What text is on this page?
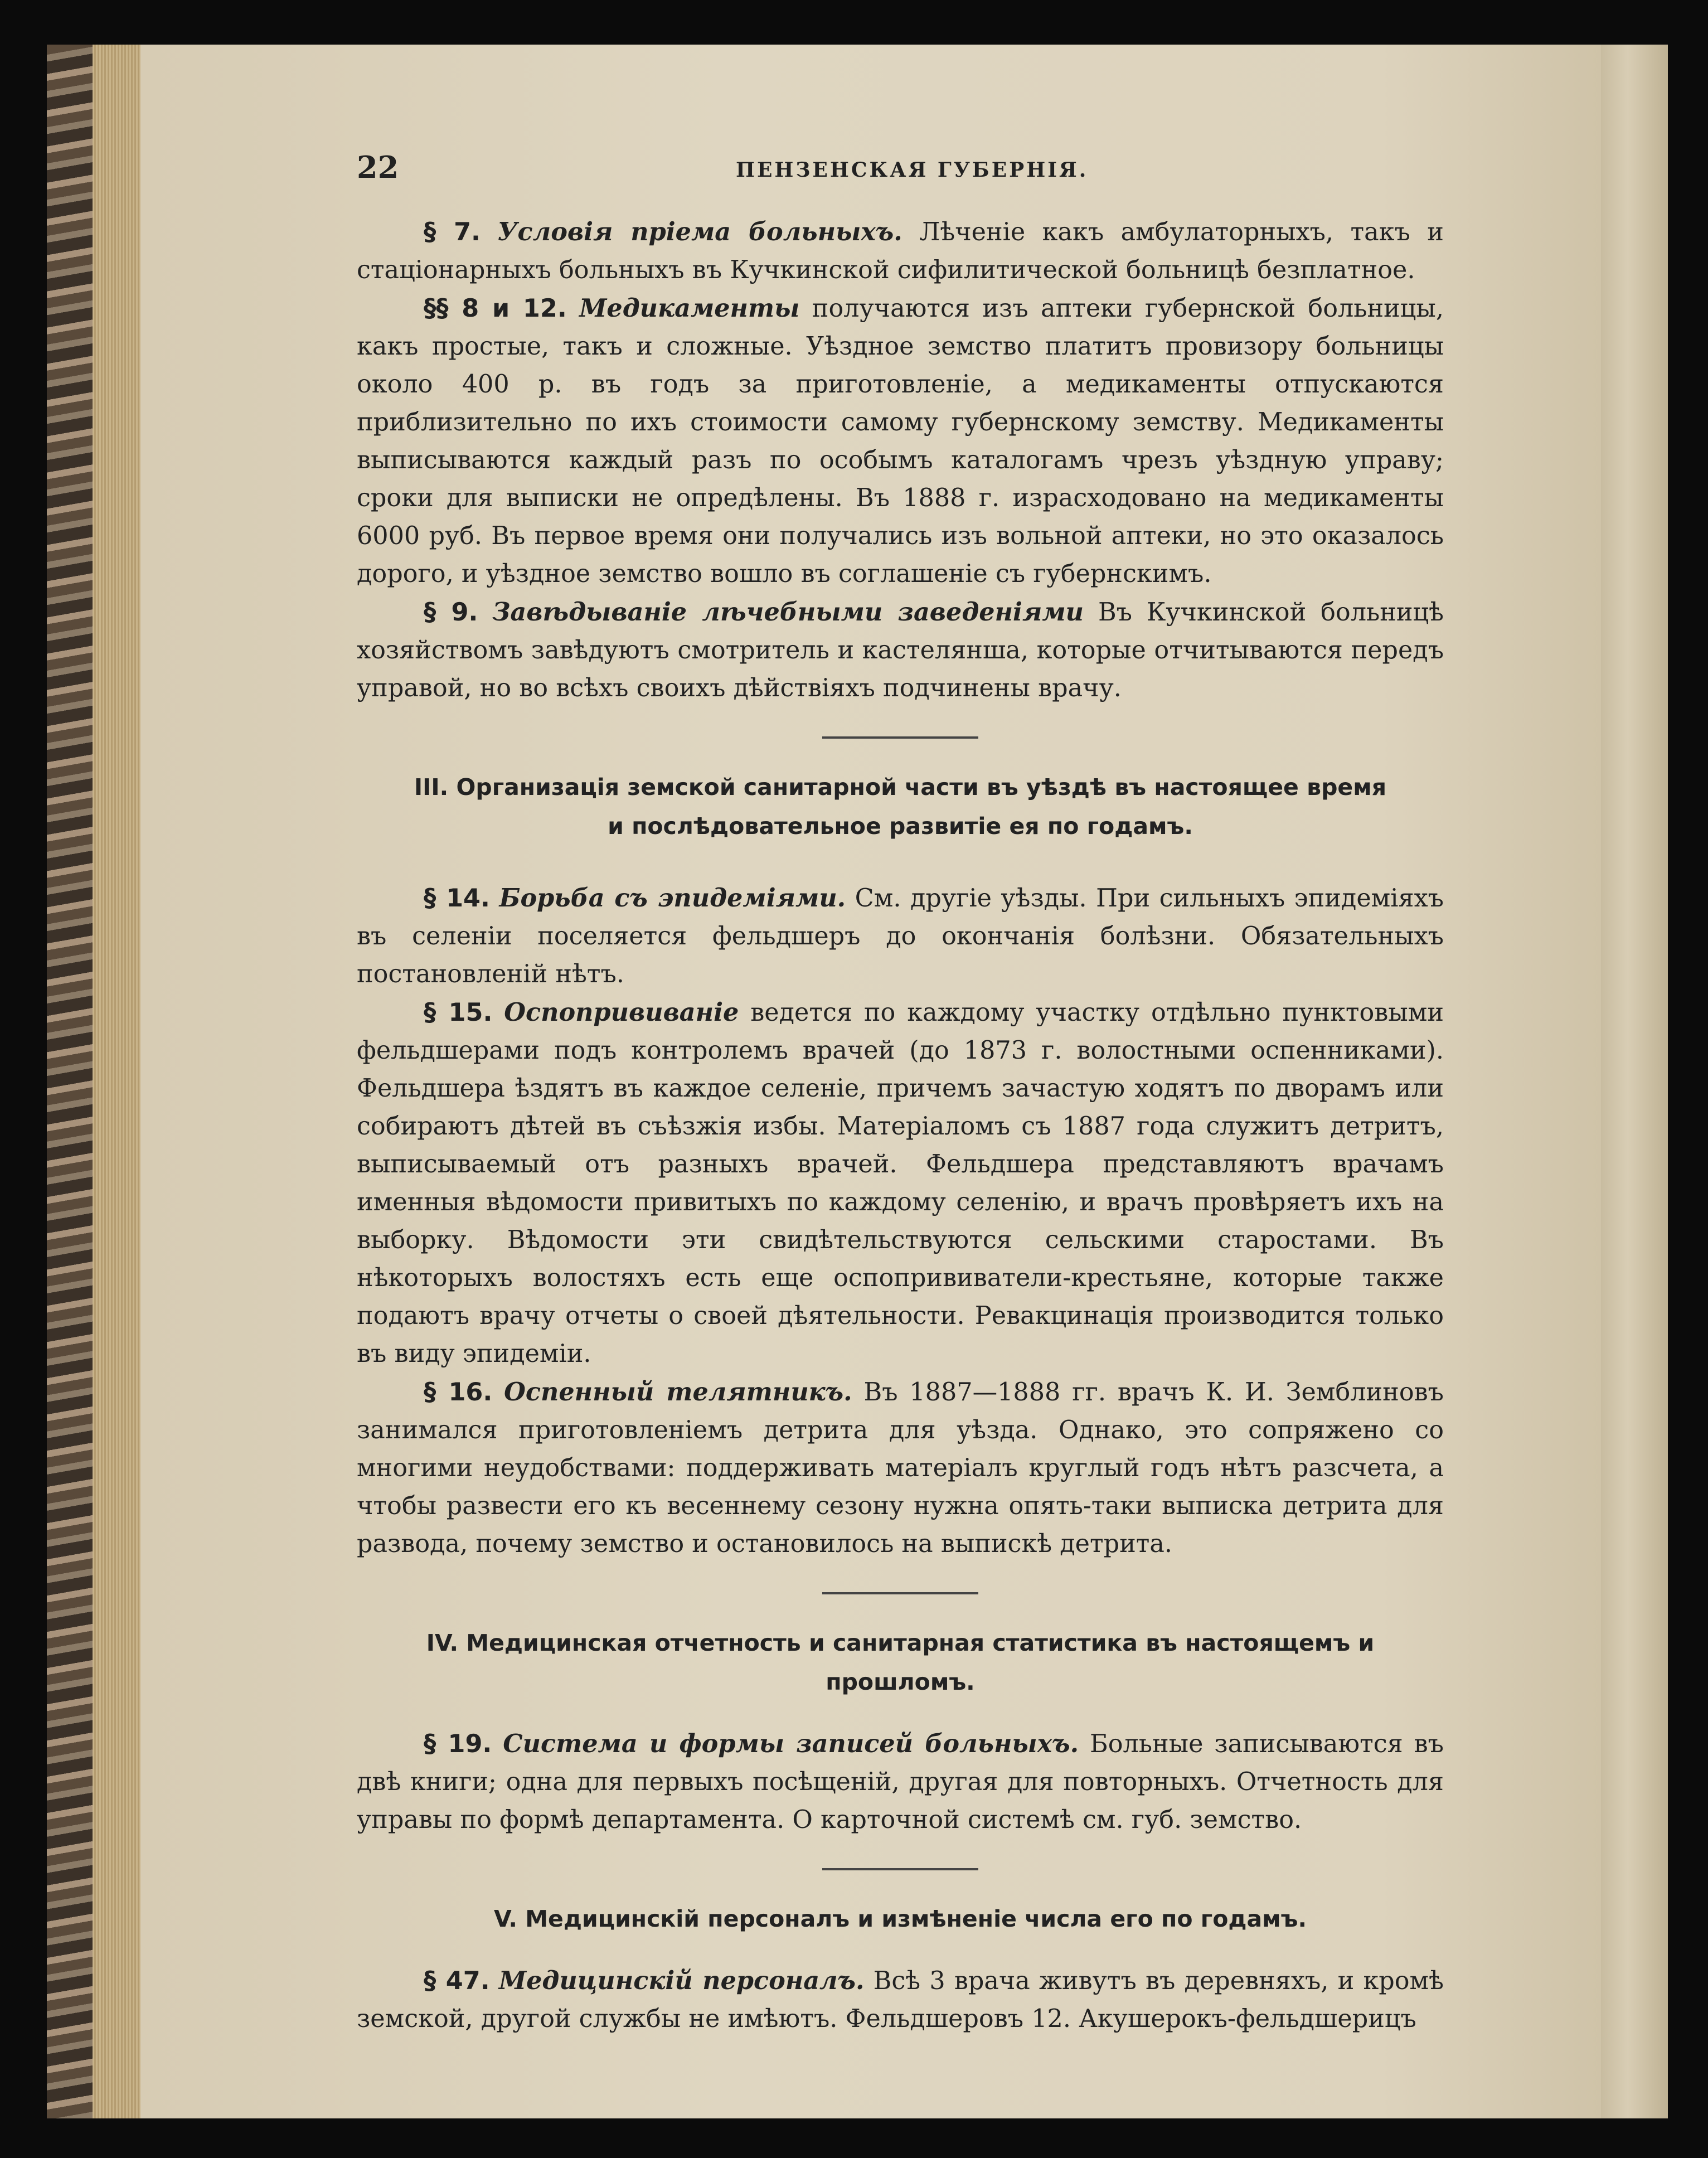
22	ПЕНЗЕНСКАЯ ГУБЕРНІЯ.

§ 7. Условія пріема больныхъ. Лѣченіе какъ амбулаторныхъ, такъ и стаціонарныхъ больныхъ въ Кучкинской сифилитической больницѣ безплатное.

§§ 8 и 12. Медикаменты получаются изъ аптеки губернской больницы, какъ простые, такъ и сложные. Уѣздное земство платитъ провизору больницы около 400 р. въ годъ за приготовленіе, а медикаменты отпускаются приблизительно по ихъ стоимости самому губернскому земству. Медикаменты выписываются каждый разъ по особымъ каталогамъ чрезъ уѣздную управу; сроки для выписки не опредѣлены. Въ 1888 г. израсходовано на медикаменты 6000 руб. Въ первое время они получались изъ вольной аптеки, но это оказалось дорого, и уѣздное земство вошло въ соглашеніе съ губернскимъ.

§ 9. Завѣдываніе лѣчебными заведеніями Въ Кучкинской больницѣ хозяйствомъ завѣдуютъ смотритель и кастелянша, которые отчитываются передъ управой, но во всѣхъ своихъ дѣйствіяхъ подчинены врачу.

III. Организація земской санитарной части въ уѣздѣ въ настоящее время
и послѣдовательное развитіе ея по годамъ.

§ 14. Борьба съ эпидеміями. См. другіе уѣзды. При сильныхъ эпидеміяхъ въ селеніи поселяется фельдшеръ до окончанія болѣзни. Обязательныхъ постановленій нѣтъ.

§ 15. Оспопрививаніе ведется по каждому участку отдѣльно пунктовыми фельдшерами подъ контролемъ врачей (до 1873 г. волостными оспенниками). Фельдшера ѣздятъ въ каждое селеніе, причемъ зачастую ходятъ по дворамъ или собираютъ дѣтей въ съѣзжія избы. Матеріаломъ съ 1887 года служитъ детритъ, выписываемый отъ разныхъ врачей. Фельдшера представляютъ врачамъ именныя вѣдомости привитыхъ по каждому селенію, и врачъ провѣряетъ ихъ на выборку. Вѣдомости эти свидѣтельствуются сельскими старостами. Въ нѣкоторыхъ волостяхъ есть еще оспопрививатели-крестьяне, которые также подаютъ врачу отчеты о своей дѣятельности. Ревакцинація производится только въ виду эпидеміи.

§ 16. Оспенный телятникъ. Въ 1887—1888 гг. врачъ К. И. Земблиновъ занимался приготовленіемъ детрита для уѣзда. Однако, это сопряжено со многими неудобствами: поддерживать матеріалъ круглый годъ нѣтъ разсчета, а чтобы развести его къ весеннему сезону нужна опять-таки выписка детрита для развода, почему земство и остановилось на выпискѣ детрита.

IV. Медицинская отчетность и санитарная статистика въ настоящемъ и прошломъ.

§ 19. Система и формы записей больныхъ. Больные записываются въ двѣ книги; одна для первыхъ посѣщеній, другая для повторныхъ. Отчетность для управы по формѣ департамента. О карточной системѣ см. губ. земство.

V. Медицинскій персоналъ и измѣненіе числа его по годамъ.

§ 47. Медицинскій персоналъ. Всѣ 3 врача живутъ въ деревняхъ, и кромѣ земской, другой службы не имѣютъ. Фельдшеровъ 12. Акушерокъ-фельдшерицъ
